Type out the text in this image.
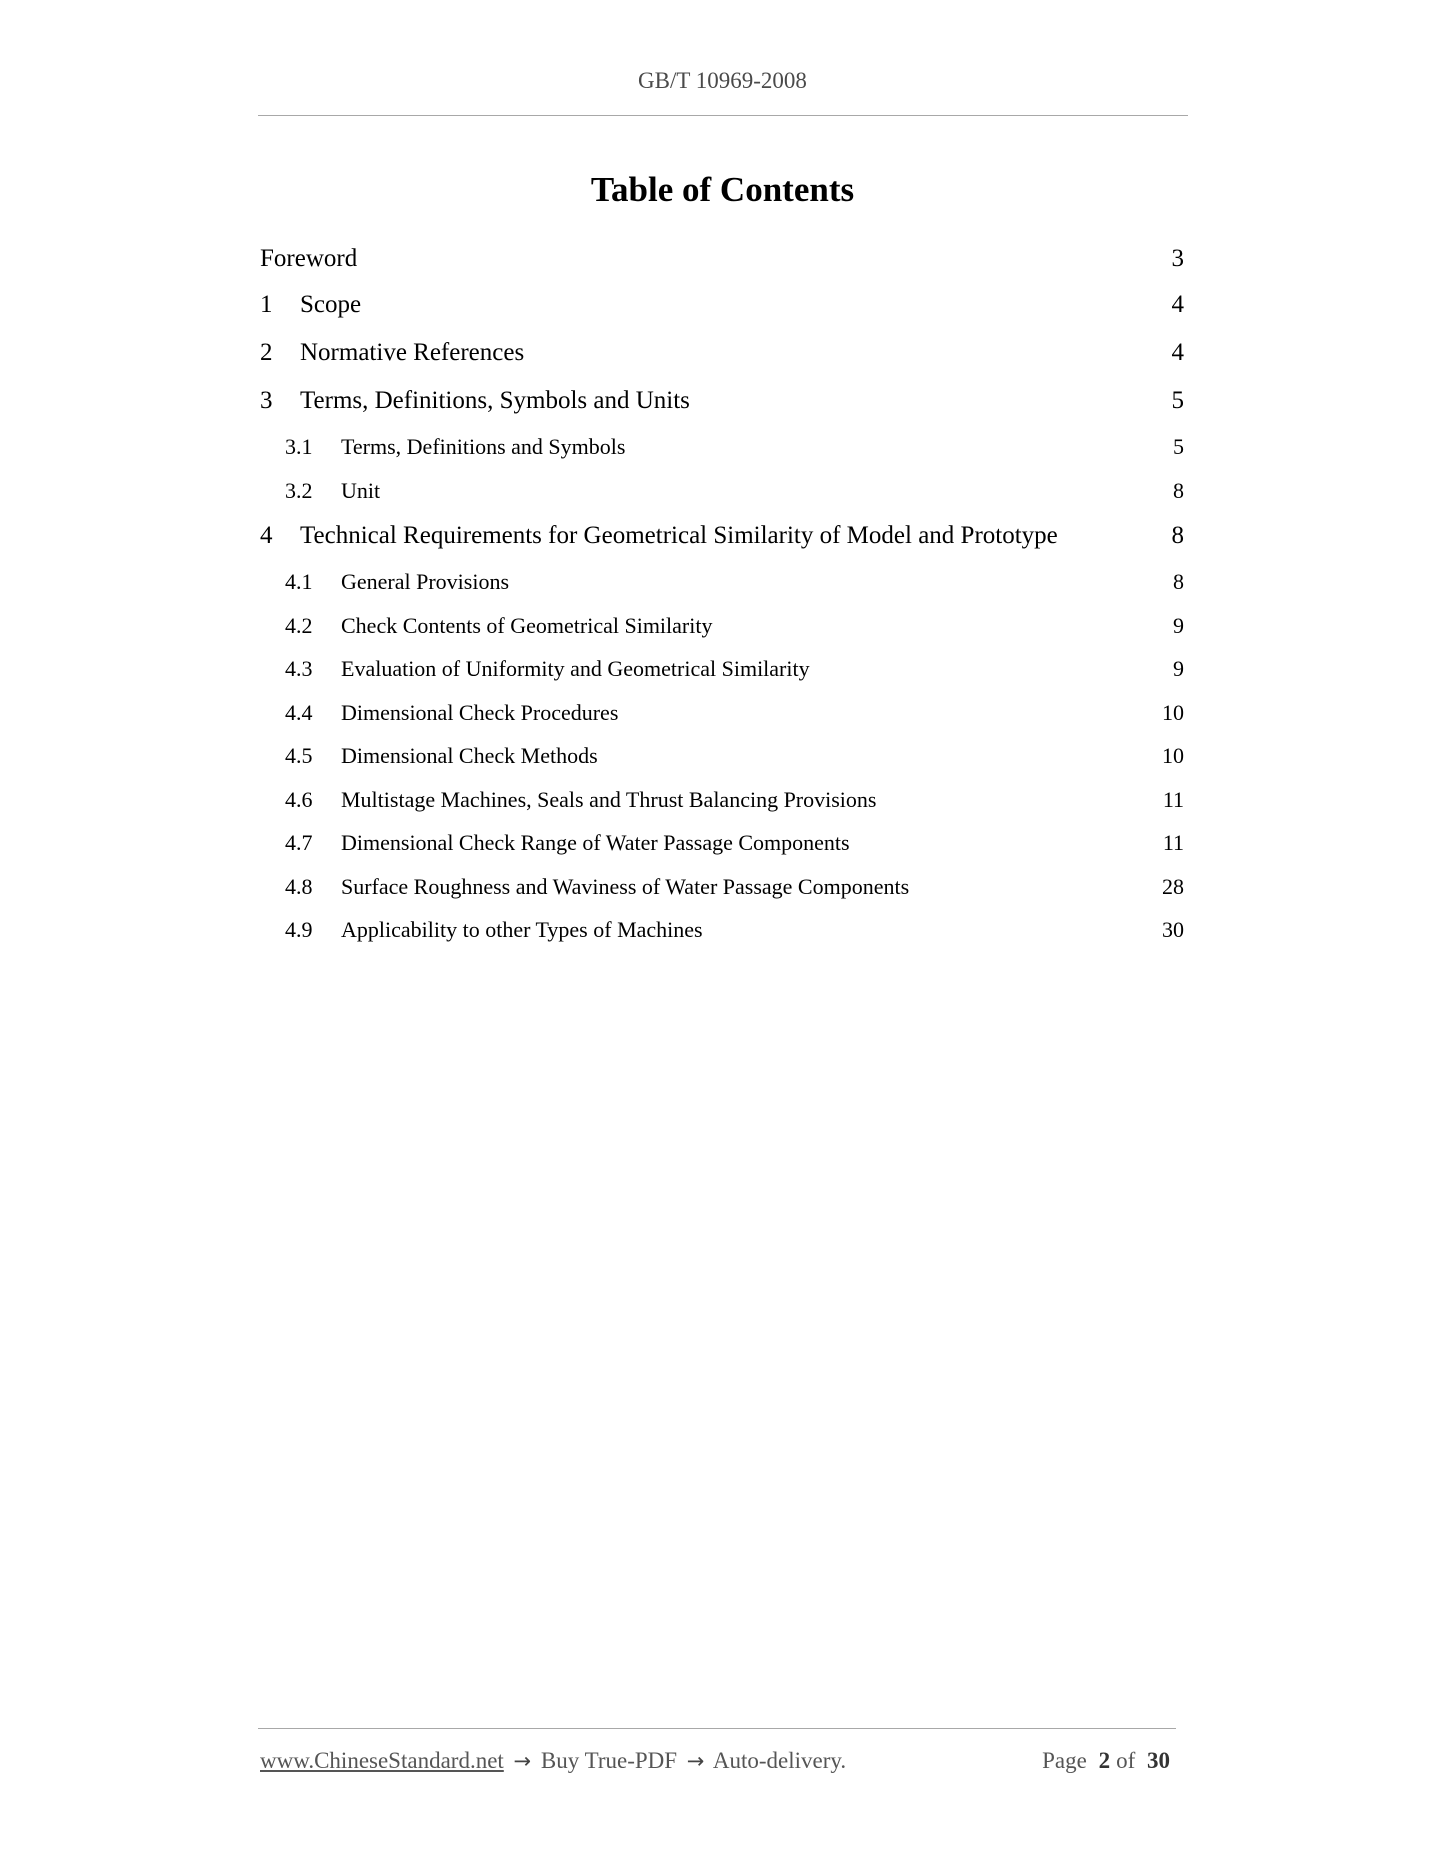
GB/T 10969-2008
Table of Contents
Foreword	3
1	Scope	4
2	Normative References	4
3	Terms, Definitions, Symbols and Units	5
3.1	Terms, Definitions and Symbols	5
3.2	Unit	8
4	Technical Requirements for Geometrical Similarity of Model and Prototype	8
4.1	General Provisions	8
4.2	Check Contents of Geometrical Similarity	9
4.3	Evaluation of Uniformity and Geometrical Similarity	9
4.4	Dimensional Check Procedures	10
4.5	Dimensional Check Methods	10
4.6	Multistage Machines, Seals and Thrust Balancing Provisions	11
4.7	Dimensional Check Range of Water Passage Components	11
4.8	Surface Roughness and Waviness of Water Passage Components	28
4.9	Applicability to other Types of Machines	30
www.ChineseStandard.net → Buy True-PDF → Auto-delivery.	Page 2 of 30
